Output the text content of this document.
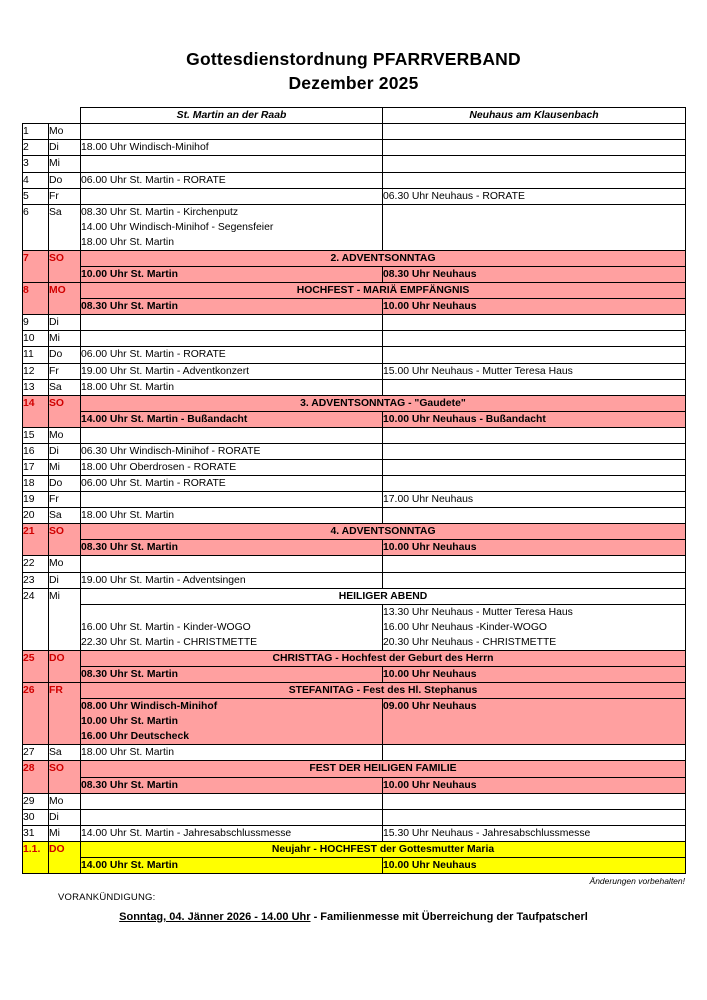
Gottesdienstordnung PFARRVERBAND
Dezember 2025
		St. Martin an der Raab	Neuhaus am Klausenbach
1	Mo		
2	Di	18.00 Uhr Windisch-Minihof	

3	Mi		
4	Do	06.00 Uhr St. Martin - RORATE	

5	Fr		06.30 Uhr Neuhaus - RORATE

6	Sa	08.30 Uhr St. Martin - Kirchenputz
14.00 Uhr Windisch-Minihof - Segensfeier
18.00 Uhr St. Martin	

7	SO	2. ADVENTSONNTAG	

		10.00 Uhr St. Martin	08.30 Uhr Neuhaus

8	MO	HOCHFEST - MARIÄ EMPFÄNGNIS	

		08.30 Uhr St. Martin	10.00 Uhr Neuhaus

9	Di		
10	Mi		
11	Do	06.00 Uhr St. Martin - RORATE	

12	Fr	19.00 Uhr St. Martin - Adventkonzert	15.00 Uhr Neuhaus - Mutter Teresa Haus

13	Sa	18.00 Uhr St. Martin	

14	SO	3. ADVENTSONNTAG - "Gaudete"	

		14.00 Uhr St. Martin - Bußandacht	10.00 Uhr Neuhaus - Bußandacht

15	Mo		
16	Di	06.30 Uhr Windisch-Minihof - RORATE	

17	Mi	18.00 Uhr Oberdrosen - RORATE	

18	Do	06.00 Uhr St. Martin - RORATE	

19	Fr		17.00 Uhr Neuhaus

20	Sa	18.00 Uhr St. Martin	

21	SO	4. ADVENTSONNTAG	

		08.30 Uhr St. Martin	10.00 Uhr Neuhaus

22	Mo		
23	Di	19.00 Uhr St. Martin - Adventsingen	

24	Mi	HEILIGER ABEND	

16.00 Uhr St. Martin - Kinder-WOGO
22.30 Uhr St. Martin - CHRISTMETTE

13.30 Uhr Neuhaus - Mutter Teresa Haus
16.00 Uhr Neuhaus -Kinder-WOGO
20.30 Uhr Neuhaus - CHRISTMETTE

25	DO	CHRISTTAG - Hochfest der Geburt des Herrn	

		08.30 Uhr St. Martin	10.00 Uhr Neuhaus

26	FR	STEFANITAG - Fest des Hl. Stephanus	

		08.00 Uhr Windisch-Minihof
10.00 Uhr St. Martin
16.00 Uhr Deutscheck	09.00 Uhr Neuhaus

27	Sa	18.00 Uhr St. Martin	

28	SO	FEST DER HEILIGEN FAMILIE	

		08.30 Uhr St. Martin	10.00 Uhr Neuhaus

29	Mo		
30	Di		
31	Mi	14.00 Uhr St. Martin - Jahresabschlussmesse	15.30 Uhr Neuhaus - Jahresabschlussmesse

1.1.	DO	Neujahr - HOCHFEST der Gottesmutter Maria	

		14.00 Uhr St. Martin	10.00 Uhr Neuhaus
Änderungen vorbehalten!
VORANKÜNDIGUNG:
Sonntag, 04. Jänner 2026 - 14.00 Uhr - Familienmesse mit Überreichung der Taufpatscherl
